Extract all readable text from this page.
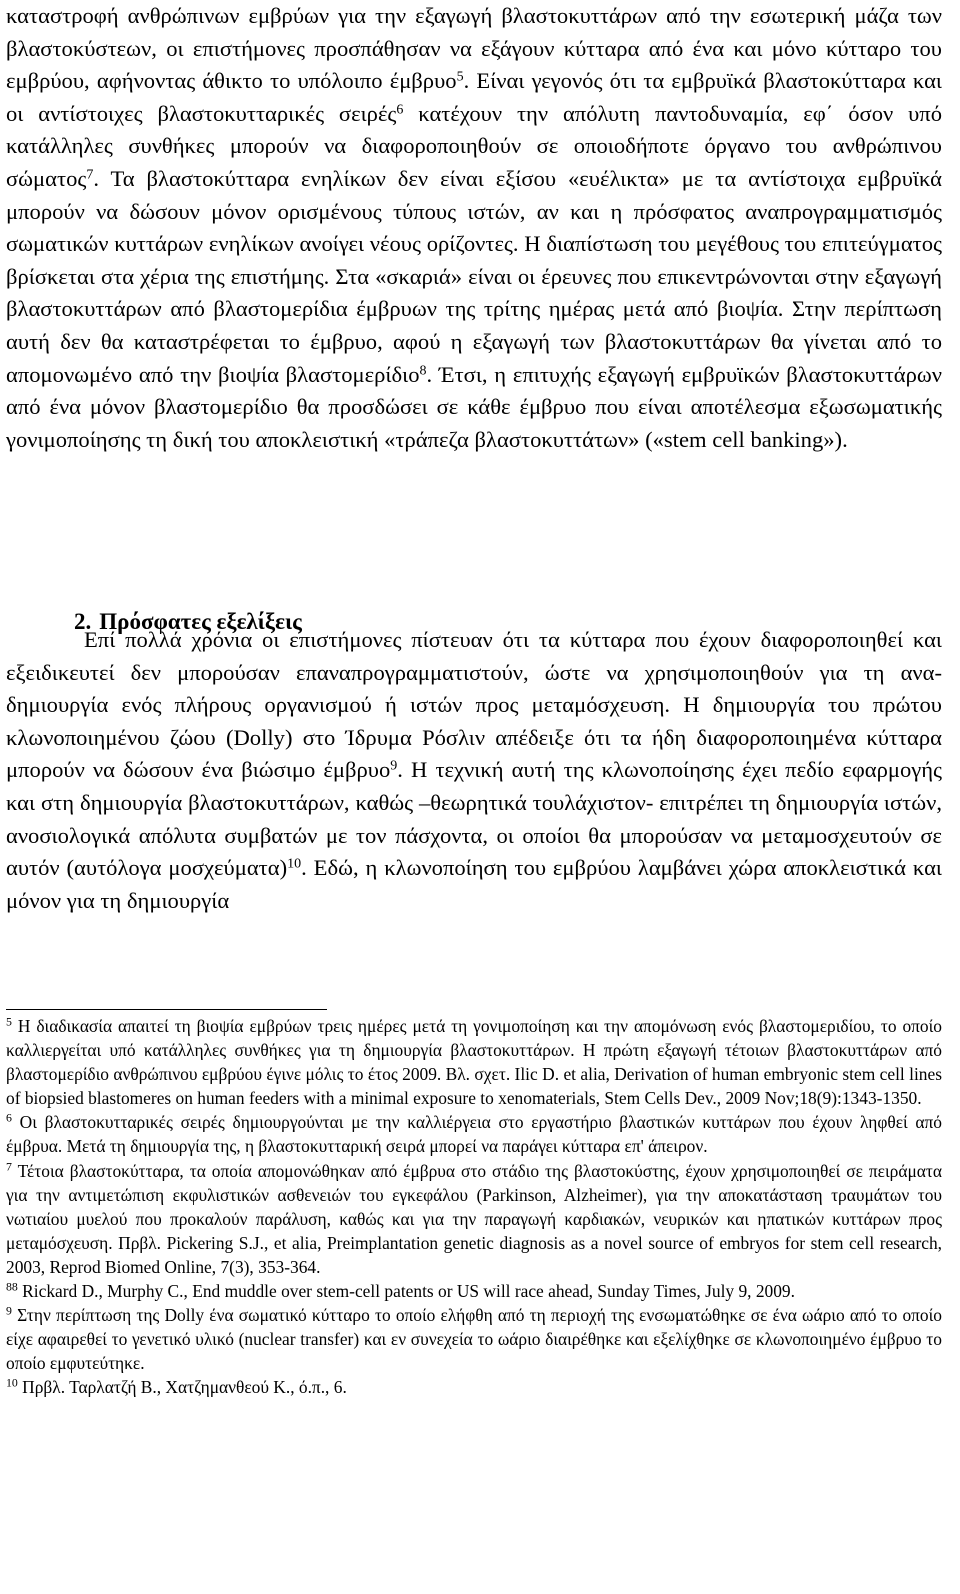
καταστροφή ανθρώπινων εμβρύων για την εξαγωγή βλαστοκυττάρων από την εσωτερική μάζα των βλαστοκύστεων, οι επιστήμονες προσπάθησαν να εξάγουν κύτταρα από ένα και μόνο κύτταρο του εμβρύου, αφήνοντας άθικτο το υπόλοιπο έμβρυο$^5$. Είναι γεγονός ότι τα εμβρυϊκά βλαστοκύτταρα και οι αντίστοιχες βλαστοκυτταρικές σειρές$^6$ κατέχουν την απόλυτη παντοδυναμία, εφ΄ όσον υπό κατάλληλες συνθήκες μπορούν να διαφοροποιηθούν σε οποιοδήποτε όργανο του ανθρώπινου σώματος$^7$. Τα βλαστοκύτταρα ενηλίκων δεν είναι εξίσου «ευέλικτα» με τα αντίστοιχα εμβρυϊκά μπορούν να δώσουν μόνον ορισμένους τύπους ιστών, αν και η πρόσφατος αναπρογραμματισμός σωματικών κυττάρων ενηλίκων ανοίγει νέους ορίζοντες. Η διαπίστωση του μεγέθους του επιτεύγματος βρίσκεται στα χέρια της επιστήμης. Στα «σκαριά» είναι οι έρευνες που επικεντρώνονται στην εξαγωγή βλαστοκυττάρων από βλαστομερίδια έμβρυων της τρίτης ημέρας μετά από βιοψία. Στην περίπτωση αυτή δεν θα καταστρέφεται το έμβρυο, αφού η εξαγωγή των βλαστοκυττάρων θα γίνεται από το απομονωμένο από την βιοψία βλαστομερίδιο$^8$. Έτσι, η επιτυχής εξαγωγή εμβρυϊκών βλαστοκυττάρων από ένα μόνον βλαστομερίδιο θα προσδώσει σε κάθε έμβρυο που είναι αποτέλεσμα εξωσωματικής γονιμοποίησης τη δική του αποκλειστική «τράπεζα βλαστοκυττάτων» («stem cell banking»).

2. Πρόσφατες εξελίξεις

Επί πολλά χρόνια οι επιστήμονες πίστευαν ότι τα κύτταρα που έχουν διαφοροποιηθεί και εξειδικευτεί δεν μπορούσαν επαναπρογραμματιστούν, ώστε να χρησιμοποιηθούν για τη ανα-δημιουργία ενός πλήρους οργανισμού ή ιστών προς μεταμόσχευση. Η δημιουργία του πρώτου κλωνοποιημένου ζώου (Dolly) στο Ίδρυμα Ρόσλιν απέδειξε ότι τα ήδη διαφοροποιημένα κύτταρα μπορούν να δώσουν ένα βιώσιμο έμβρυο$^9$. Η τεχνική αυτή της κλωνοποίησης έχει πεδίο εφαρμογής και στη δημιουργία βλαστοκυττάρων, καθώς –θεωρητικά τουλάχιστον- επιτρέπει τη δημιουργία ιστών, ανοσιολογικά απόλυτα συμβατών με τον πάσχοντα, οι οποίοι θα μπορούσαν να μεταμοσχευτούν σε αυτόν (αυτόλογα μοσχεύματα)$^{10}$. Εδώ, η κλωνοποίηση του εμβρύου λαμβάνει χώρα αποκλειστικά και μόνον για τη δημιουργία

$^5$ Η διαδικασία απαιτεί τη βιοψία εμβρύων τρεις ημέρες μετά τη γονιμοποίηση και την απομόνωση ενός βλαστομεριδίου, το οποίο καλλιεργείται υπό κατάλληλες συνθήκες για τη δημιουργία βλαστοκυττάρων. Η πρώτη εξαγωγή τέτοιων βλαστοκυττάρων από βλαστομερίδιο ανθρώπινου εμβρύου έγινε μόλις το έτος 2009. Βλ. σχετ. Ilic D. et alia, Derivation of human embryonic stem cell lines of biopsied blastomeres on human feeders with a minimal exposure to xenomaterials, Stem Cells Dev., 2009 Nov;18(9):1343-1350.

$^6$ Οι βλαστοκυτταρικές σειρές δημιουργούνται με την καλλιέργεια στο εργαστήριο βλαστικών κυττάρων που έχουν ληφθεί από έμβρυα. Μετά τη δημιουργία της, η βλαστοκυτταρική σειρά μπορεί να παράγει κύτταρα επ' άπειρον.

$^7$ Τέτοια βλαστοκύτταρα, τα οποία απομονώθηκαν από έμβρυα στο στάδιο της βλαστοκύστης, έχουν χρησιμοποιηθεί σε πειράματα για την αντιμετώπιση εκφυλιστικών ασθενειών του εγκεφάλου (Parkinson, Alzheimer), για την αποκατάσταση τραυμάτων του νωτιαίου μυελού που προκαλούν παράλυση, καθώς και για την παραγωγή καρδιακών, νευρικών και ηπατικών κυττάρων προς μεταμόσχευση. Πρβλ. Pickering S.J., et alia, Preimplantation genetic diagnosis as a novel source of embryos for stem cell research, 2003, Reprod Biomed Online, 7(3), 353-364.

$^{88}$ Rickard D., Murphy C., End muddle over stem-cell patents or US will race ahead, Sunday Times, July 9, 2009.

$^9$ Στην περίπτωση της Dolly ένα σωματικό κύτταρο το οποίο ελήφθη από τη περιοχή της ενσωματώθηκε σε ένα ωάριο από το οποίο είχε αφαιρεθεί το γενετικό υλικό (nuclear transfer) και εν συνεχεία το ωάριο διαιρέθηκε και εξελίχθηκε σε κλωνοποιημένο έμβρυο το οποίο εμφυτεύτηκε.

$^{10}$ Πρβλ. Ταρλατζή Β., Χατζημανθεού Κ., ό.π., 6.
